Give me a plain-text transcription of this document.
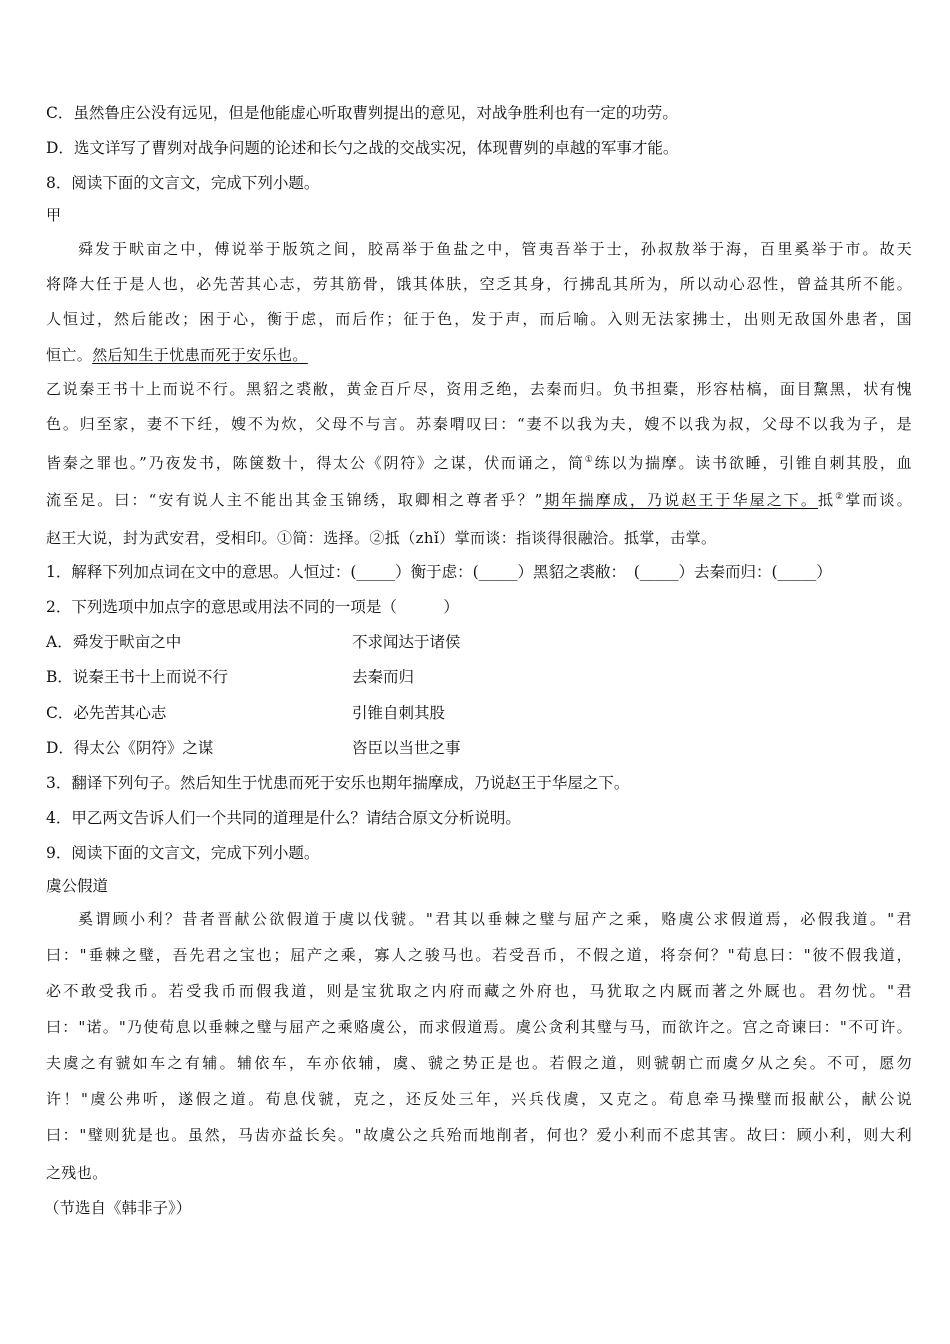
C．虽然鲁庄公没有远见，但是他能虚心听取曹刿提出的意见，对战争胜利也有一定的功劳。
D．选文详写了曹刿对战争问题的论述和长勺之战的交战实况，体现曹刿的卓越的军事才能。
8．阅读下面的文言文，完成下列小题。
甲
舜发于畎亩之中，傅说举于版筑之间，胶鬲举于鱼盐之中，管夷吾举于士，孙叔敖举于海，百里奚举于市。故天
将降大任于是人也，必先苦其心志，劳其筋骨，饿其体肤，空乏其身，行拂乱其所为，所以动心忍性，曾益其所不能。
人恒过，然后能改；困于心，衡于虑，而后作；征于色，发于声，而后喻。入则无法家拂士，出则无敌国外患者，国
恒亡。然后知生于忧患而死于安乐也。
乙说秦王书十上而说不行。黑貂之裘敝，黄金百斤尽，资用乏绝，去秦而归。负书担橐，形容枯槁，面目黧黑，状有愧
色。归至家，妻不下纴，嫂不为炊，父母不与言。苏秦喟叹曰：“妻不以我为夫，嫂不以我为叔，父母不以我为子，是
皆秦之罪也。”乃夜发书，陈箧数十，得太公《阴符》之谋，伏而诵之，简①练以为揣摩。读书欲睡，引锥自刺其股，血
流至足。曰：“安有说人主不能出其金玉锦绣，取卿相之尊者乎？”期年揣摩成，乃说赵王于华屋之下。抵②掌而谈。
赵王大说，封为武安君，受相印。①简：选择。②抵（zhǐ）掌而谈：指谈得很融洽。抵掌，击掌。
1．解释下列加点词在文中的意思。人恒过：(_____）衡于虑：(_____）黑貂之裘敝：　(_____）去秦而归：(_____）
2．下列选项中加点字的意思或用法不同的一项是（　　　）
A．舜发于畎亩之中	不求闻达于诸侯
B．说秦王书十上而说不行	去秦而归
C．必先苦其心志	引锥自刺其股
D．得太公《阴符》之谋	咨臣以当世之事
3．翻译下列句子。然后知生于忧患而死于安乐也期年揣摩成，乃说赵王于华屋之下。
4．甲乙两文告诉人们一个共同的道理是什么？请结合原文分析说明。
9．阅读下面的文言文，完成下列小题。
虞公假道
奚谓顾小利？昔者晋献公欲假道于虞以伐虢。"君其以垂棘之璧与屈产之乘，赂虞公求假道焉，必假我道。"君
曰："垂棘之璧，吾先君之宝也；屈产之乘，寡人之骏马也。若受吾币，不假之道，将奈何？"荀息曰："彼不假我道，
必不敢受我币。若受我币而假我道，则是宝犹取之内府而藏之外府也，马犹取之内厩而著之外厩也。君勿忧。"君
曰："诺。"乃使荀息以垂棘之璧与屈产之乘赂虞公，而求假道焉。虞公贪利其璧与马，而欲许之。宫之奇谏曰："不可许。
夫虞之有虢如车之有辅。辅依车，车亦依辅，虞、虢之势正是也。若假之道，则虢朝亡而虞夕从之矣。不可，愿勿
许！"虞公弗听，遂假之道。荀息伐虢，克之，还反处三年，兴兵伐虞，又克之。荀息牵马操璧而报献公，献公说
曰："璧则犹是也。虽然，马齿亦益长矣。"故虞公之兵殆而地削者，何也？爱小利而不虑其害。故曰：顾小利，则大利
之残也。
（节选自《韩非子》）
